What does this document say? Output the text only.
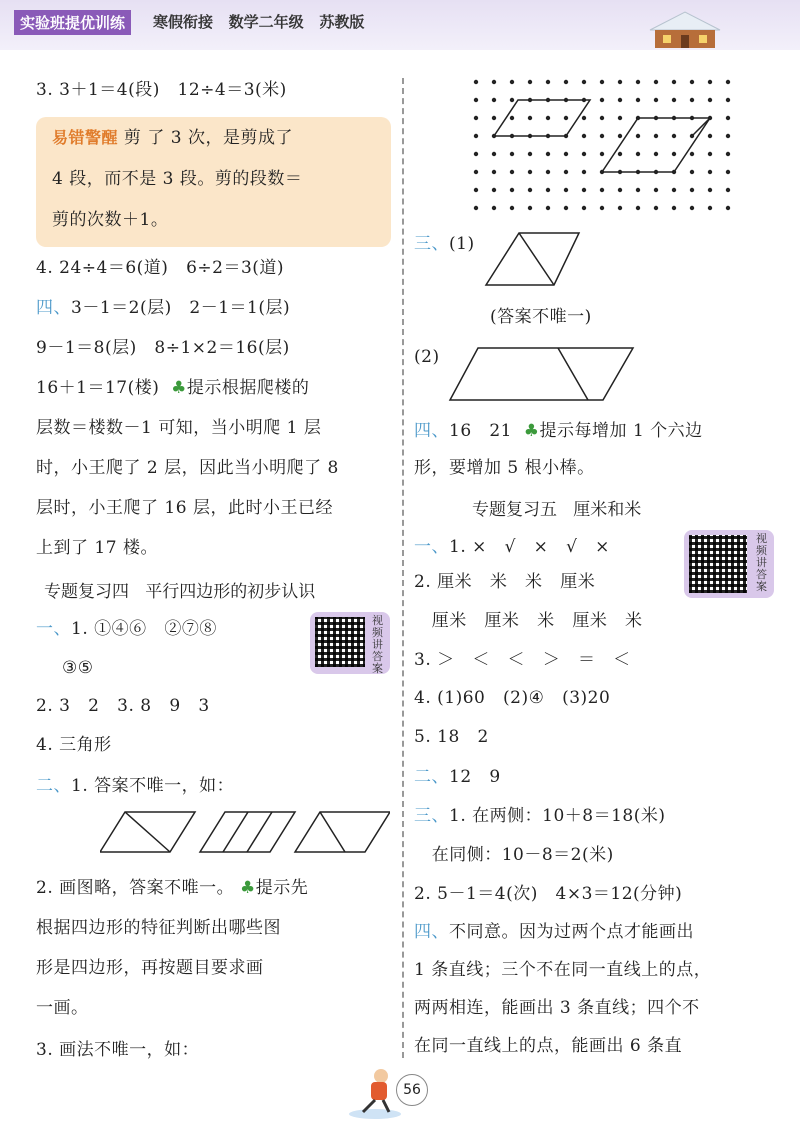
实验班提优训练	寒假衔接   数学二年级   苏教版
3. 3＋1＝4(段)   12÷4＝3(米)
易错警醒 剪 了 3 次，是剪成了
4 段，而不是 3 段。剪的段数＝
剪的次数＋1。
4. 24÷4＝6(道)   6÷2＝3(道)
四、3－1＝2(层)   2－1＝1(层)
9－1＝8(层)   8÷1×2＝16(层)
16＋1＝17(楼)  ♣提示根据爬楼的
层数＝楼数－1 可知，当小明爬 1 层
时，小王爬了 2 层，因此当小明爬了 8
层时，小王爬了 16 层，此时小王已经
上到了 17 楼。
专题复习四   平行四边形的初步认识
一、1. ①④⑥   ②⑦⑧
③⑤
视频讲答案
2. 3   2   3. 8   9   3
4. 三角形
二、1. 答案不唯一，如：
2. 画图略，答案不唯一。 ♣提示先
根据四边形的特征判断出哪些图
形是四边形，再按题目要求画
一画。
3. 画法不唯一，如：
三、(1)
(答案不唯一)
(2)
四、16   21  ♣提示每增加 1 个六边
形，要增加 5 根小棒。
专题复习五   厘米和米
一、1. ×   √   ×   √   ×	视频讲答案
2. 厘米   米   米   厘米
厘米   厘米   米   厘米   米
3. ＞   ＜   ＜   ＞   ＝   ＜
4. (1)60   (2)④   (3)20
5. 18   2
二、12   9
三、1. 在两侧：10＋8＝18(米)
在同侧：10－8＝2(米)
2. 5－1＝4(次)   4×3＝12(分钟)
四、不同意。因为过两个点才能画出
1 条直线；三个不在同一直线上的点，
两两相连，能画出 3 条直线；四个不
在同一直线上的点，能画出 6 条直
56
